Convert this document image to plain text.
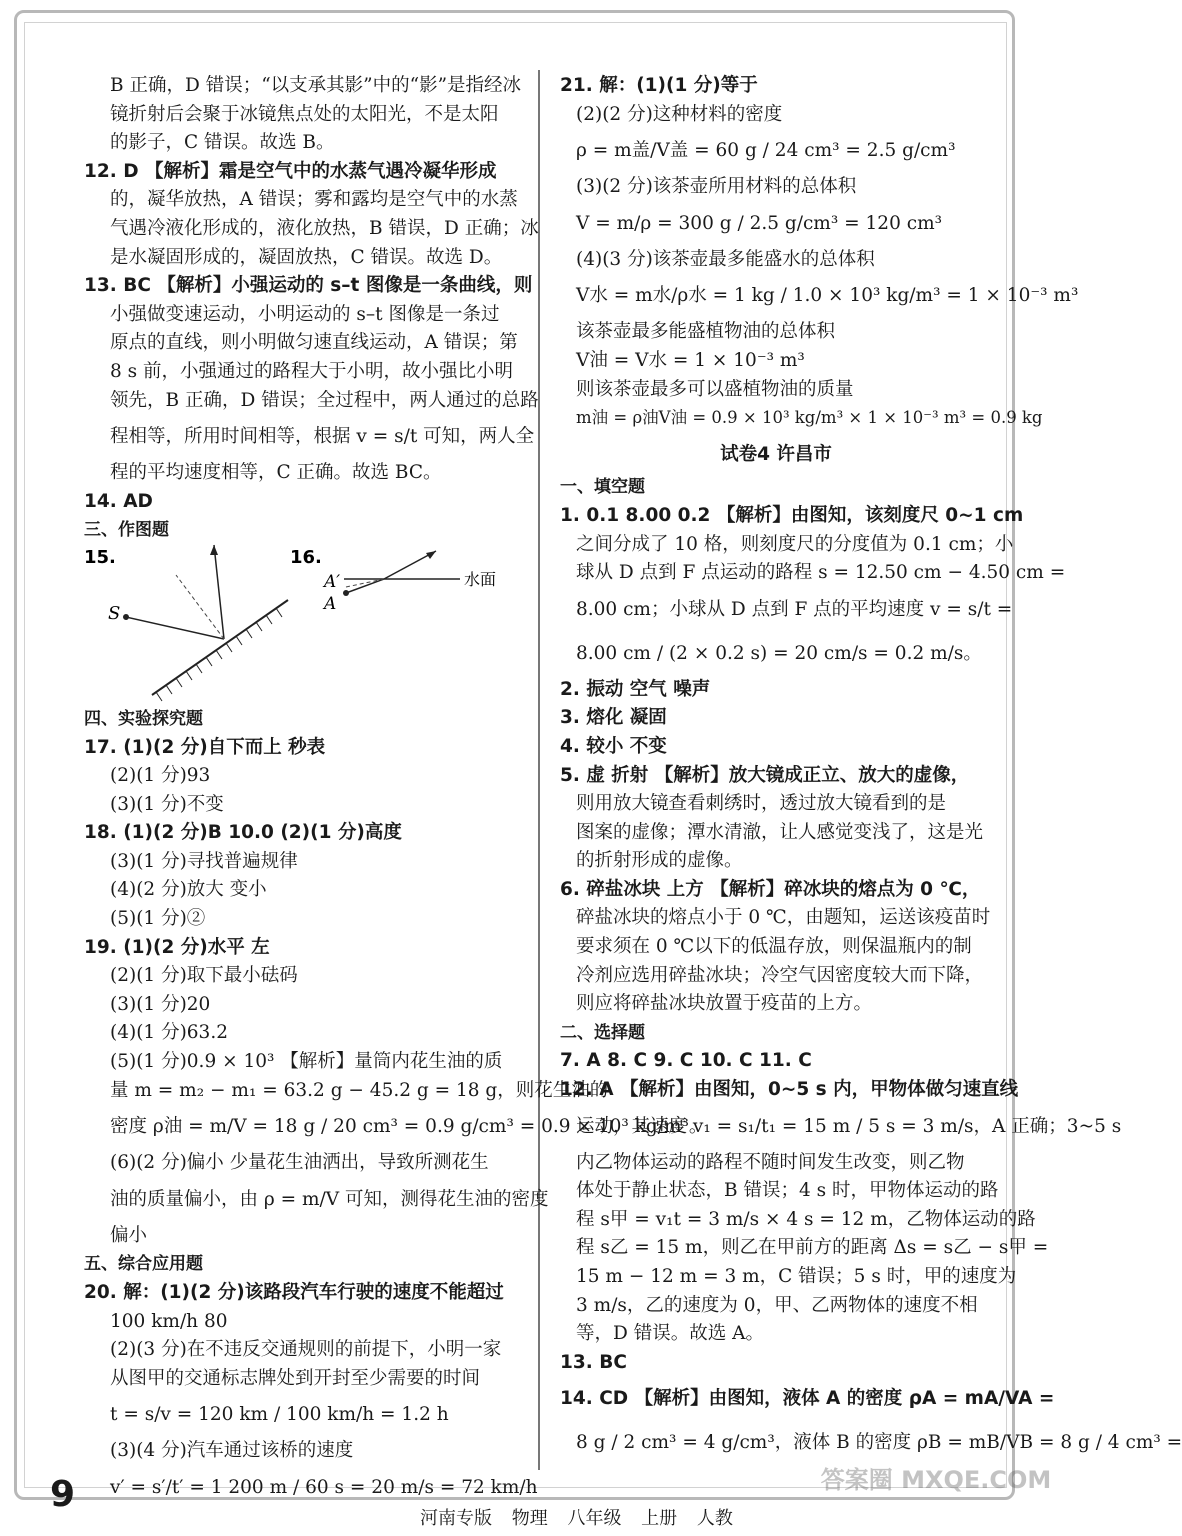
B 正确，D 错误；“以支承其影”中的“影”是指经冰
镜折射后会聚于冰镜焦点处的太阳光，不是太阳
的影子，C 错误。故选 B。
12. D 【解析】霜是空气中的水蒸气遇冷凝华形成
的，凝华放热，A 错误；雾和露均是空气中的水蒸
气遇冷液化形成的，液化放热，B 错误，D 正确；冰
是水凝固形成的，凝固放热，C 错误。故选 D。
13. BC 【解析】小强运动的 s–t 图像是一条曲线，则
小强做变速运动，小明运动的 s–t 图像是一条过
原点的直线，则小明做匀速直线运动，A 错误；第
8 s 前，小强通过的路程大于小明，故小强比小明
领先，B 正确，D 错误；全过程中，两人通过的总路
程相等，所用时间相等，根据 v = s/t 可知，两人全
程的平均速度相等，C 正确。故选 BC。
14. AD
三、作图题
15.	16.
S
水面
A′
A
四、实验探究题
17. (1)(2 分)自下而上 秒表
(2)(1 分)93
(3)(1 分)不变
18. (1)(2 分)B 10.0 (2)(1 分)高度
(3)(1 分)寻找普遍规律
(4)(2 分)放大 变小
(5)(1 分)②
19. (1)(2 分)水平 左
(2)(1 分)取下最小砝码
(3)(1 分)20
(4)(1 分)63.2
(5)(1 分)0.9 × 10³ 【解析】量筒内花生油的质
量 m = m₂ − m₁ = 63.2 g − 45.2 g = 18 g，则花生油的
密度 ρ油 = m/V = 18 g / 20 cm³ = 0.9 g/cm³ = 0.9 × 10³ kg/m³。
(6)(2 分)偏小 少量花生油洒出，导致所测花生
油的质量偏小，由 ρ = m/V 可知，测得花生油的密度
偏小
五、综合应用题
20. 解：(1)(2 分)该路段汽车行驶的速度不能超过
100 km/h 80
(2)(3 分)在不违反交通规则的前提下，小明一家
从图甲的交通标志牌处到开封至少需要的时间
t = s/v = 120 km / 100 km/h = 1.2 h
(3)(4 分)汽车通过该桥的速度
v′ = s′/t′ = 1 200 m / 60 s = 20 m/s = 72 km/h
21. 解：(1)(1 分)等于
(2)(2 分)这种材料的密度
ρ = m盖/V盖 = 60 g / 24 cm³ = 2.5 g/cm³
(3)(2 分)该茶壶所用材料的总体积
V = m/ρ = 300 g / 2.5 g/cm³ = 120 cm³
(4)(3 分)该茶壶最多能盛水的总体积
V水 = m水/ρ水 = 1 kg / 1.0 × 10³ kg/m³ = 1 × 10⁻³ m³
该茶壶最多能盛植物油的总体积
V油 = V水 = 1 × 10⁻³ m³
则该茶壶最多可以盛植物油的质量
m油 = ρ油V油 = 0.9 × 10³ kg/m³ × 1 × 10⁻³ m³ = 0.9 kg
试卷4 许昌市
一、填空题
1. 0.1 8.00 0.2 【解析】由图知，该刻度尺 0~1 cm
之间分成了 10 格，则刻度尺的分度值为 0.1 cm；小
球从 D 点到 F 点运动的路程 s = 12.50 cm − 4.50 cm =
8.00 cm；小球从 D 点到 F 点的平均速度 v = s/t =
8.00 cm / (2 × 0.2 s) = 20 cm/s = 0.2 m/s。
2. 振动 空气 噪声
3. 熔化 凝固
4. 较小 不变
5. 虚 折射 【解析】放大镜成正立、放大的虚像，
则用放大镜查看刺绣时，透过放大镜看到的是
图案的虚像；潭水清澈，让人感觉变浅了，这是光
的折射形成的虚像。
6. 碎盐冰块 上方 【解析】碎冰块的熔点为 0 ℃，
碎盐冰块的熔点小于 0 ℃，由题知，运送该疫苗时
要求须在 0 ℃以下的低温存放，则保温瓶内的制
冷剂应选用碎盐冰块；冷空气因密度较大而下降，
则应将碎盐冰块放置于疫苗的上方。
二、选择题
7. A 8. C 9. C 10. C 11. C
12. A 【解析】由图知，0~5 s 内，甲物体做匀速直线
运动，其速度 v₁ = s₁/t₁ = 15 m / 5 s = 3 m/s，A 正确；3~5 s
内乙物体运动的路程不随时间发生改变，则乙物
体处于静止状态，B 错误；4 s 时，甲物体运动的路
程 s甲 = v₁t = 3 m/s × 4 s = 12 m，乙物体运动的路
程 s乙 = 15 m，则乙在甲前方的距离 Δs = s乙 − s甲 =
15 m − 12 m = 3 m，C 错误；5 s 时，甲的速度为
3 m/s，乙的速度为 0，甲、乙两物体的速度不相
等，D 错误。故选 A。
13. BC
14. CD 【解析】由图知，液体 A 的密度 ρA = mA/VA =
8 g / 2 cm³ = 4 g/cm³，液体 B 的密度 ρB = mB/VB = 8 g / 4 cm³ =
9
河南专版 物理 八年级 上册 人教
答案圈 MXQE.COM
